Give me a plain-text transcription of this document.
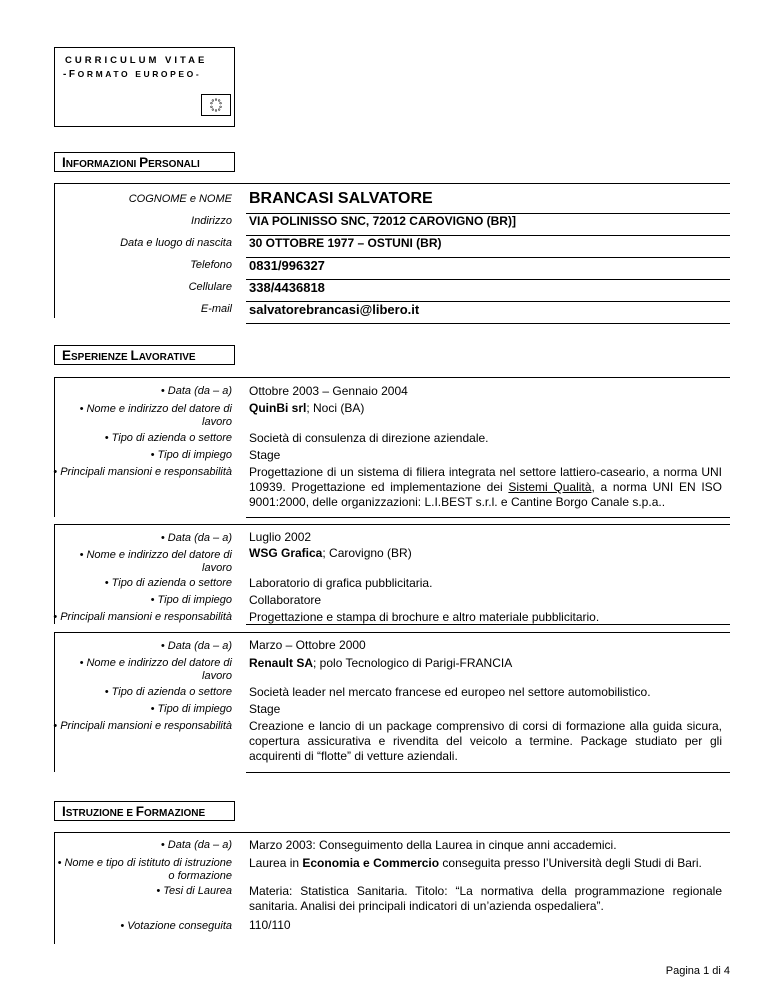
CURRICULUM VITAE
-FORMATO EUROPEO-
INFORMAZIONI PERSONALI
COGNOME e NOME BRANCASI SALVATORE
Indirizzo VIA POLINISSO SNC, 72012 CAROVIGNO (BR)]
Data e luogo di nascita 30 OTTOBRE 1977 – OSTUNI (BR)
Telefono 0831/996327
Cellulare 338/4436818
E-mail salvatorebrancasi@libero.it
ESPERIENZE LAVORATIVE
• Data (da – a)
• Nome e indirizzo del datore di
lavoro
• Tipo di azienda o settore
• Tipo di impiego
• Principali mansioni e responsabilità
Ottobre 2003 – Gennaio 2004
QuinBi srl; Noci (BA)
Società di consulenza di direzione aziendale.
Stage
Progettazione di un sistema di filiera integrata nel settore lattiero-caseario, a norma UNI 10939. Progettazione ed implementazione dei Sistemi Qualità, a norma UNI EN ISO 9001:2000, delle organizzazioni: L.I.BEST s.r.l. e Cantine Borgo Canale s.p.a..
• Data (da – a)
• Nome e indirizzo del datore di
lavoro
• Tipo di azienda o settore
• Tipo di impiego
• Principali mansioni e responsabilità
Luglio 2002
WSG Grafica; Carovigno (BR)
Laboratorio di grafica pubblicitaria.
Collaboratore
Progettazione e stampa di brochure e altro materiale pubblicitario.
• Data (da – a)
• Nome e indirizzo del datore di
lavoro
• Tipo di azienda o settore
• Tipo di impiego
• Principali mansioni e responsabilità
Marzo – Ottobre 2000
Renault SA; polo Tecnologico di Parigi-FRANCIA
Società leader nel mercato francese ed europeo nel settore automobilistico.
Stage
Creazione e lancio di un package comprensivo di corsi di formazione alla guida sicura, copertura assicurativa e rivendita del veicolo a termine. Package studiato per gli acquirenti di “flotte” di vetture aziendali.
ISTRUZIONE E FORMAZIONE
• Data (da – a)
• Nome e tipo di istituto di istruzione
o formazione
• Tesi di Laurea
• Votazione conseguita
Marzo 2003: Conseguimento della Laurea in cinque anni accademici.
Laurea in Economia e Commercio conseguita presso l’Università degli Studi di Bari.
Materia: Statistica Sanitaria. Titolo: “La normativa della programmazione regionale sanitaria. Analisi dei principali indicatori di un’azienda ospedaliera”.
110/110
Pagina 1 di 4
